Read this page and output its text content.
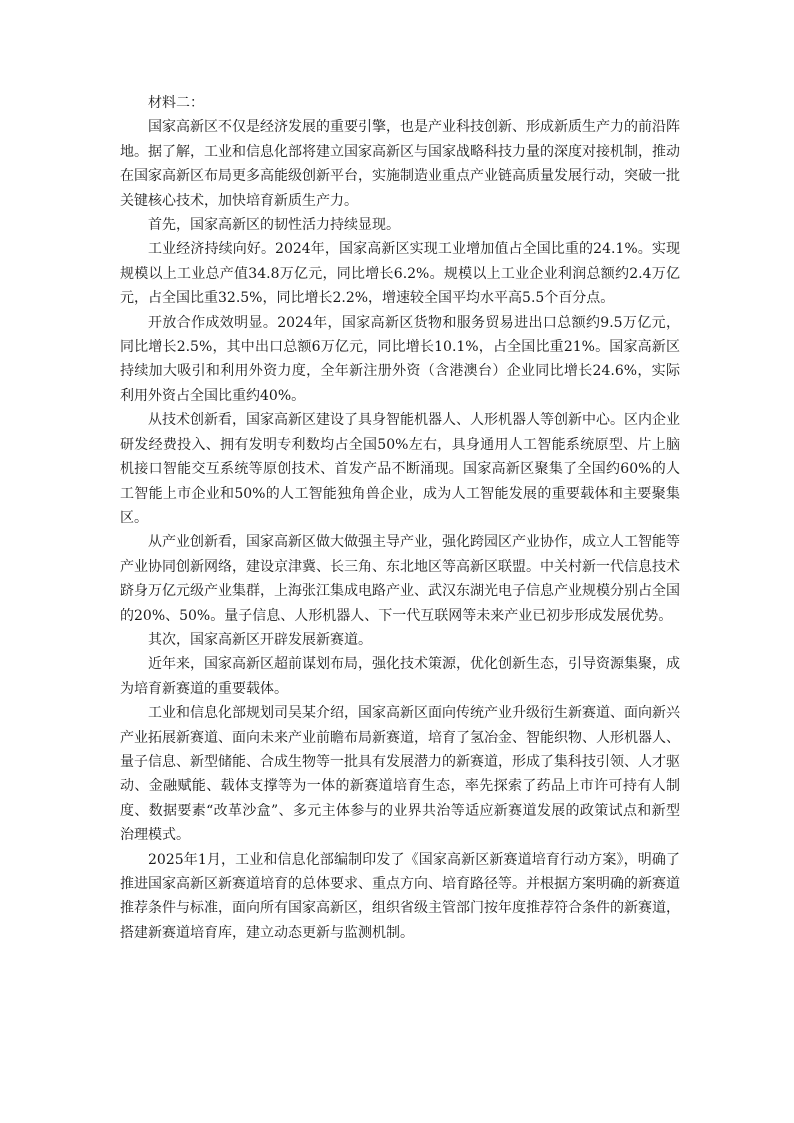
材料二：

国家高新区不仅是经济发展的重要引擎，也是产业科技创新、形成新质生产力的前沿阵地。据了解，工业和信息化部将建立国家高新区与国家战略科技力量的深度对接机制，推动在国家高新区布局更多高能级创新平台，实施制造业重点产业链高质量发展行动，突破一批关键核心技术，加快培育新质生产力。

首先，国家高新区的韧性活力持续显现。

工业经济持续向好。2024年，国家高新区实现工业增加值占全国比重的24.1%。实现规模以上工业总产值34.8万亿元，同比增长6.2%。规模以上工业企业利润总额约2.4万亿元，占全国比重32.5%，同比增长2.2%，增速较全国平均水平高5.5个百分点。

开放合作成效明显。2024年，国家高新区货物和服务贸易进出口总额约9.5万亿元，同比增长2.5%，其中出口总额6万亿元，同比增长10.1%，占全国比重21%。国家高新区持续加大吸引和利用外资力度，全年新注册外资（含港澳台）企业同比增长24.6%，实际利用外资占全国比重约40%。

从技术创新看，国家高新区建设了具身智能机器人、人形机器人等创新中心。区内企业研发经费投入、拥有发明专利数均占全国50%左右，具身通用人工智能系统原型、片上脑机接口智能交互系统等原创技术、首发产品不断涌现。国家高新区聚集了全国约60%的人工智能上市企业和50%的人工智能独角兽企业，成为人工智能发展的重要载体和主要聚集区。

从产业创新看，国家高新区做大做强主导产业，强化跨园区产业协作，成立人工智能等产业协同创新网络，建设京津冀、长三角、东北地区等高新区联盟。中关村新一代信息技术跻身万亿元级产业集群，上海张江集成电路产业、武汉东湖光电子信息产业规模分别占全国的20%、50%。量子信息、人形机器人、下一代互联网等未来产业已初步形成发展优势。

其次，国家高新区开辟发展新赛道。

近年来，国家高新区超前谋划布局，强化技术策源，优化创新生态，引导资源集聚，成为培育新赛道的重要载体。

工业和信息化部规划司吴某介绍，国家高新区面向传统产业升级衍生新赛道、面向新兴产业拓展新赛道、面向未来产业前瞻布局新赛道，培育了氢冶金、智能织物、人形机器人、量子信息、新型储能、合成生物等一批具有发展潜力的新赛道，形成了集科技引领、人才驱动、金融赋能、载体支撑等为一体的新赛道培育生态，率先探索了药品上市许可持有人制度、数据要素“改革沙盒”、多元主体参与的业界共治等适应新赛道发展的政策试点和新型治理模式。

2025年1月，工业和信息化部编制印发了《国家高新区新赛道培育行动方案》，明确了推进国家高新区新赛道培育的总体要求、重点方向、培育路径等。并根据方案明确的新赛道推荐条件与标准，面向所有国家高新区，组织省级主管部门按年度推荐符合条件的新赛道，搭建新赛道培育库，建立动态更新与监测机制。
